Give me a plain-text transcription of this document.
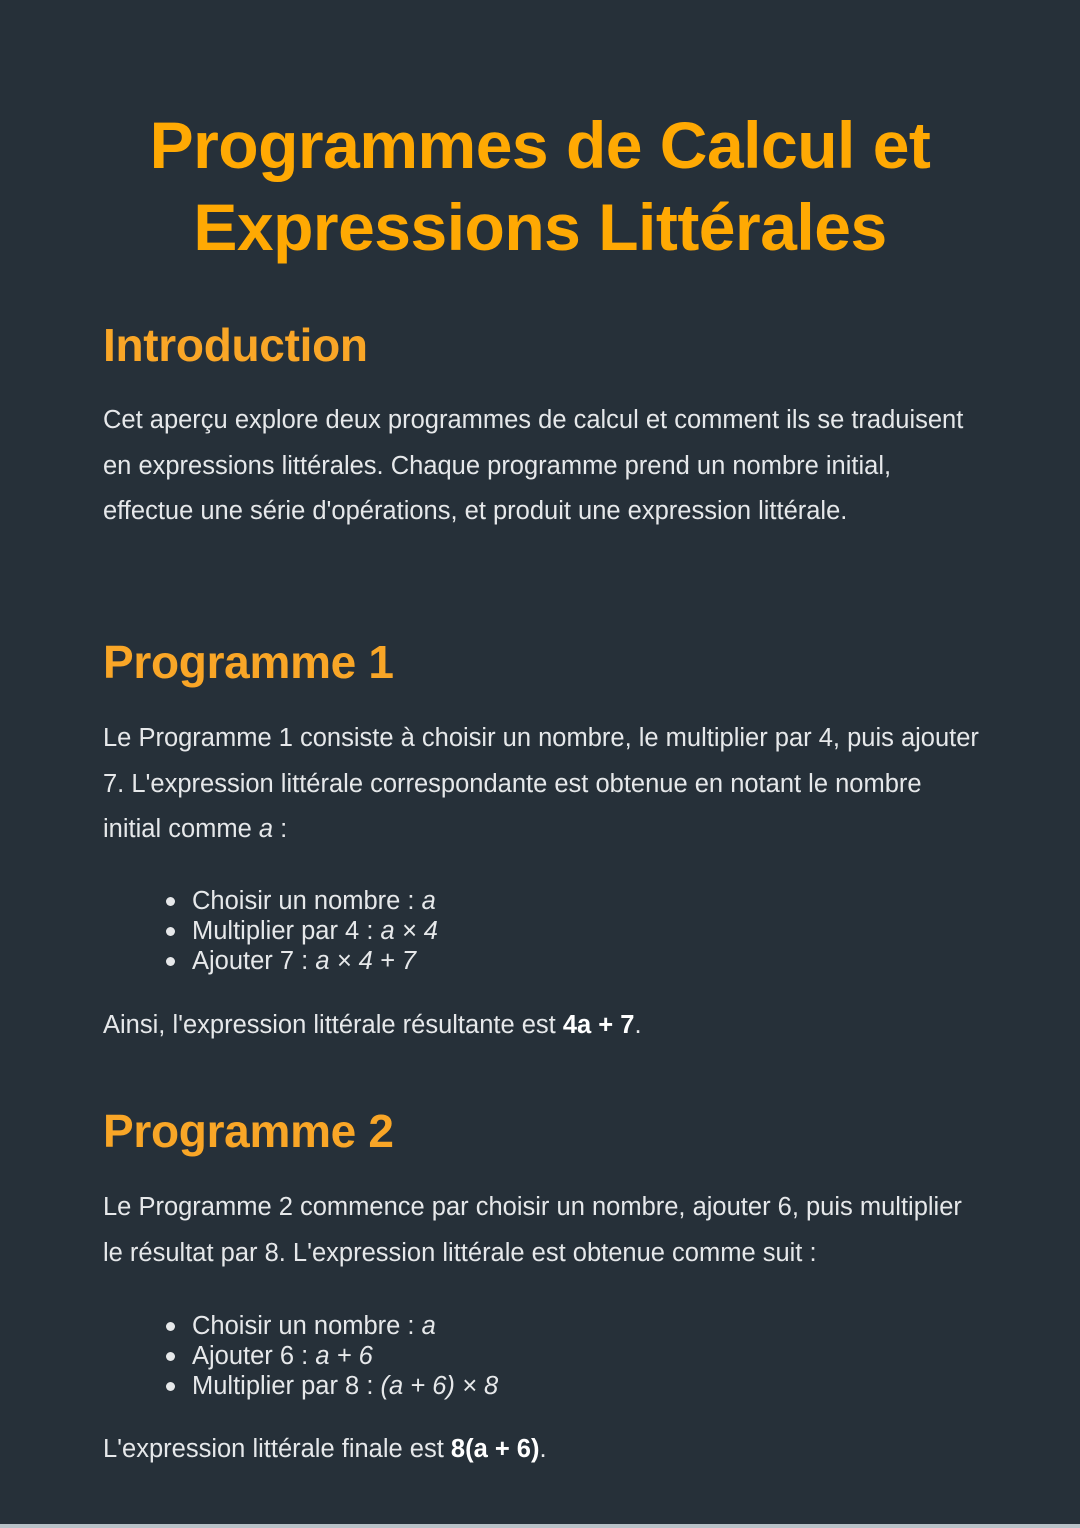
Programmes de Calcul et
Expressions Littérales
Introduction

Cet aperçu explore deux programmes de calcul et comment ils se traduisent en expressions littérales. Chaque programme prend un nombre initial, effectue une série d'opérations, et produit une expression littérale.

Programme 1

Le Programme 1 consiste à choisir un nombre, le multiplier par 4, puis ajouter 7. L'expression littérale correspondante est obtenue en notant le nombre initial comme a :

Choisir un nombre : a
Multiplier par 4 : a × 4
Ajouter 7 : a × 4 + 7

Ainsi, l'expression littérale résultante est 4a + 7.

Programme 2

Le Programme 2 commence par choisir un nombre, ajouter 6, puis multiplier le résultat par 8. L'expression littérale est obtenue comme suit :

Choisir un nombre : a
Ajouter 6 : a + 6
Multiplier par 8 : (a + 6) × 8

L'expression littérale finale est 8(a + 6).
